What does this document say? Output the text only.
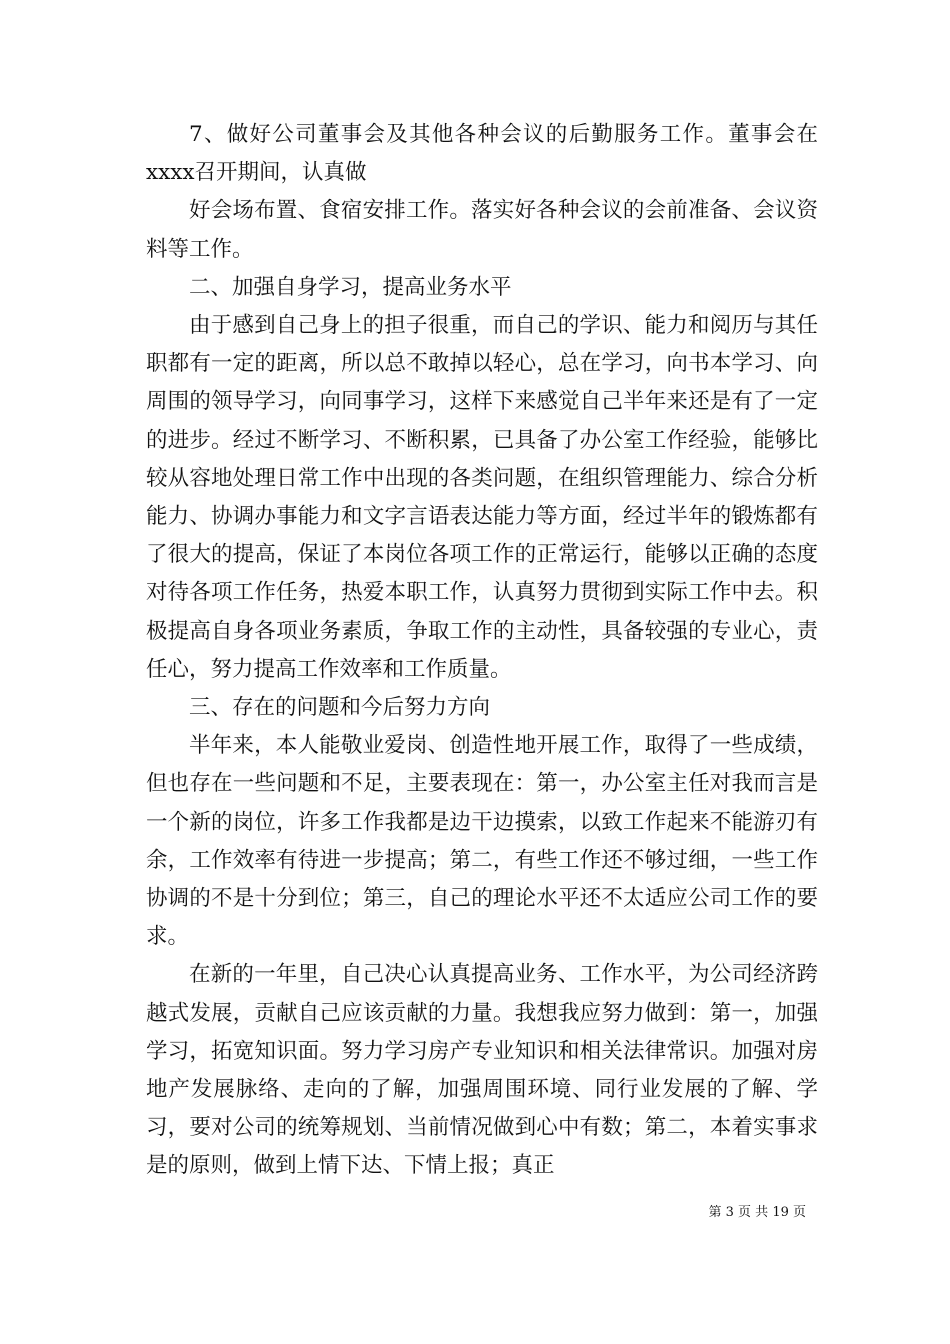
7、做好公司董事会及其他各种会议的后勤服务工作。董事会在xxxx召开期间，认真做

好会场布置、食宿安排工作。落实好各种会议的会前准备、会议资料等工作。

二、加强自身学习，提高业务水平

由于感到自己身上的担子很重，而自己的学识、能力和阅历与其任职都有一定的距离，所以总不敢掉以轻心，总在学习，向书本学习、向周围的领导学习，向同事学习，这样下来感觉自己半年来还是有了一定的进步。经过不断学习、不断积累，已具备了办公室工作经验，能够比较从容地处理日常工作中出现的各类问题，在组织管理能力、综合分析能力、协调办事能力和文字言语表达能力等方面，经过半年的锻炼都有了很大的提高，保证了本岗位各项工作的正常运行，能够以正确的态度对待各项工作任务，热爱本职工作，认真努力贯彻到实际工作中去。积极提高自身各项业务素质，争取工作的主动性，具备较强的专业心，责任心，努力提高工作效率和工作质量。

三、存在的问题和今后努力方向

半年来，本人能敬业爱岗、创造性地开展工作，取得了一些成绩，但也存在一些问题和不足，主要表现在：第一，办公室主任对我而言是一个新的岗位，许多工作我都是边干边摸索，以致工作起来不能游刃有余，工作效率有待进一步提高；第二，有些工作还不够过细，一些工作协调的不是十分到位；第三，自己的理论水平还不太适应公司工作的要求。

在新的一年里，自己决心认真提高业务、工作水平，为公司经济跨越式发展，贡献自己应该贡献的力量。我想我应努力做到：第一，加强学习，拓宽知识面。努力学习房产专业知识和相关法律常识。加强对房地产发展脉络、走向的了解，加强周围环境、同行业发展的了解、学习，要对公司的统筹规划、当前情况做到心中有数；第二，本着实事求是的原则，做到上情下达、下情上报；真正

第 3 页 共 19 页
